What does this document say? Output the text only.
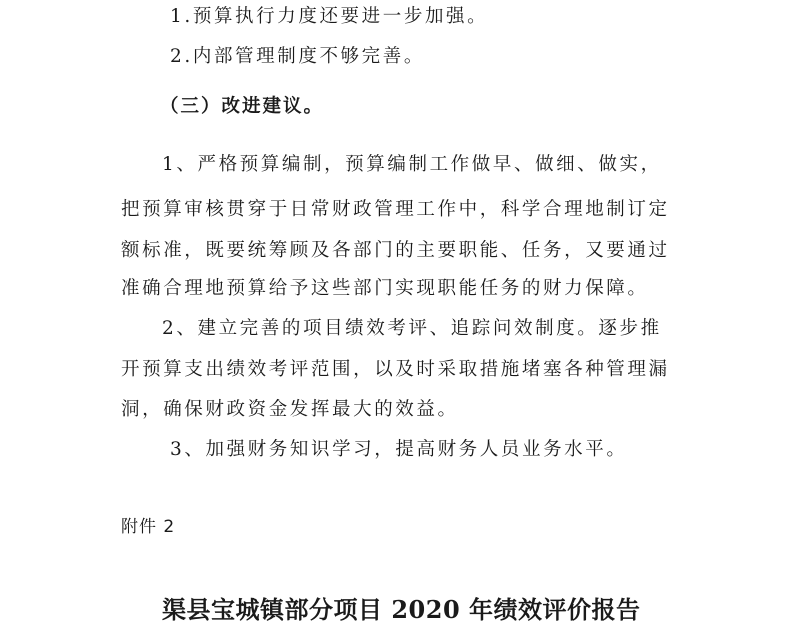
1.预算执行力度还要进一步加强。
2.内部管理制度不够完善。
（三）改进建议。
1、严格预算编制，预算编制工作做早、做细、做实，
把预算审核贯穿于日常财政管理工作中，科学合理地制订定
额标准，既要统筹顾及各部门的主要职能、任务，又要通过
准确合理地预算给予这些部门实现职能任务的财力保障。
2、建立完善的项目绩效考评、追踪问效制度。逐步推
开预算支出绩效考评范围，以及时采取措施堵塞各种管理漏
洞，确保财政资金发挥最大的效益。
3、加强财务知识学习，提高财务人员业务水平。
附件 2
渠县宝城镇部分项目 2020 年绩效评价报告
